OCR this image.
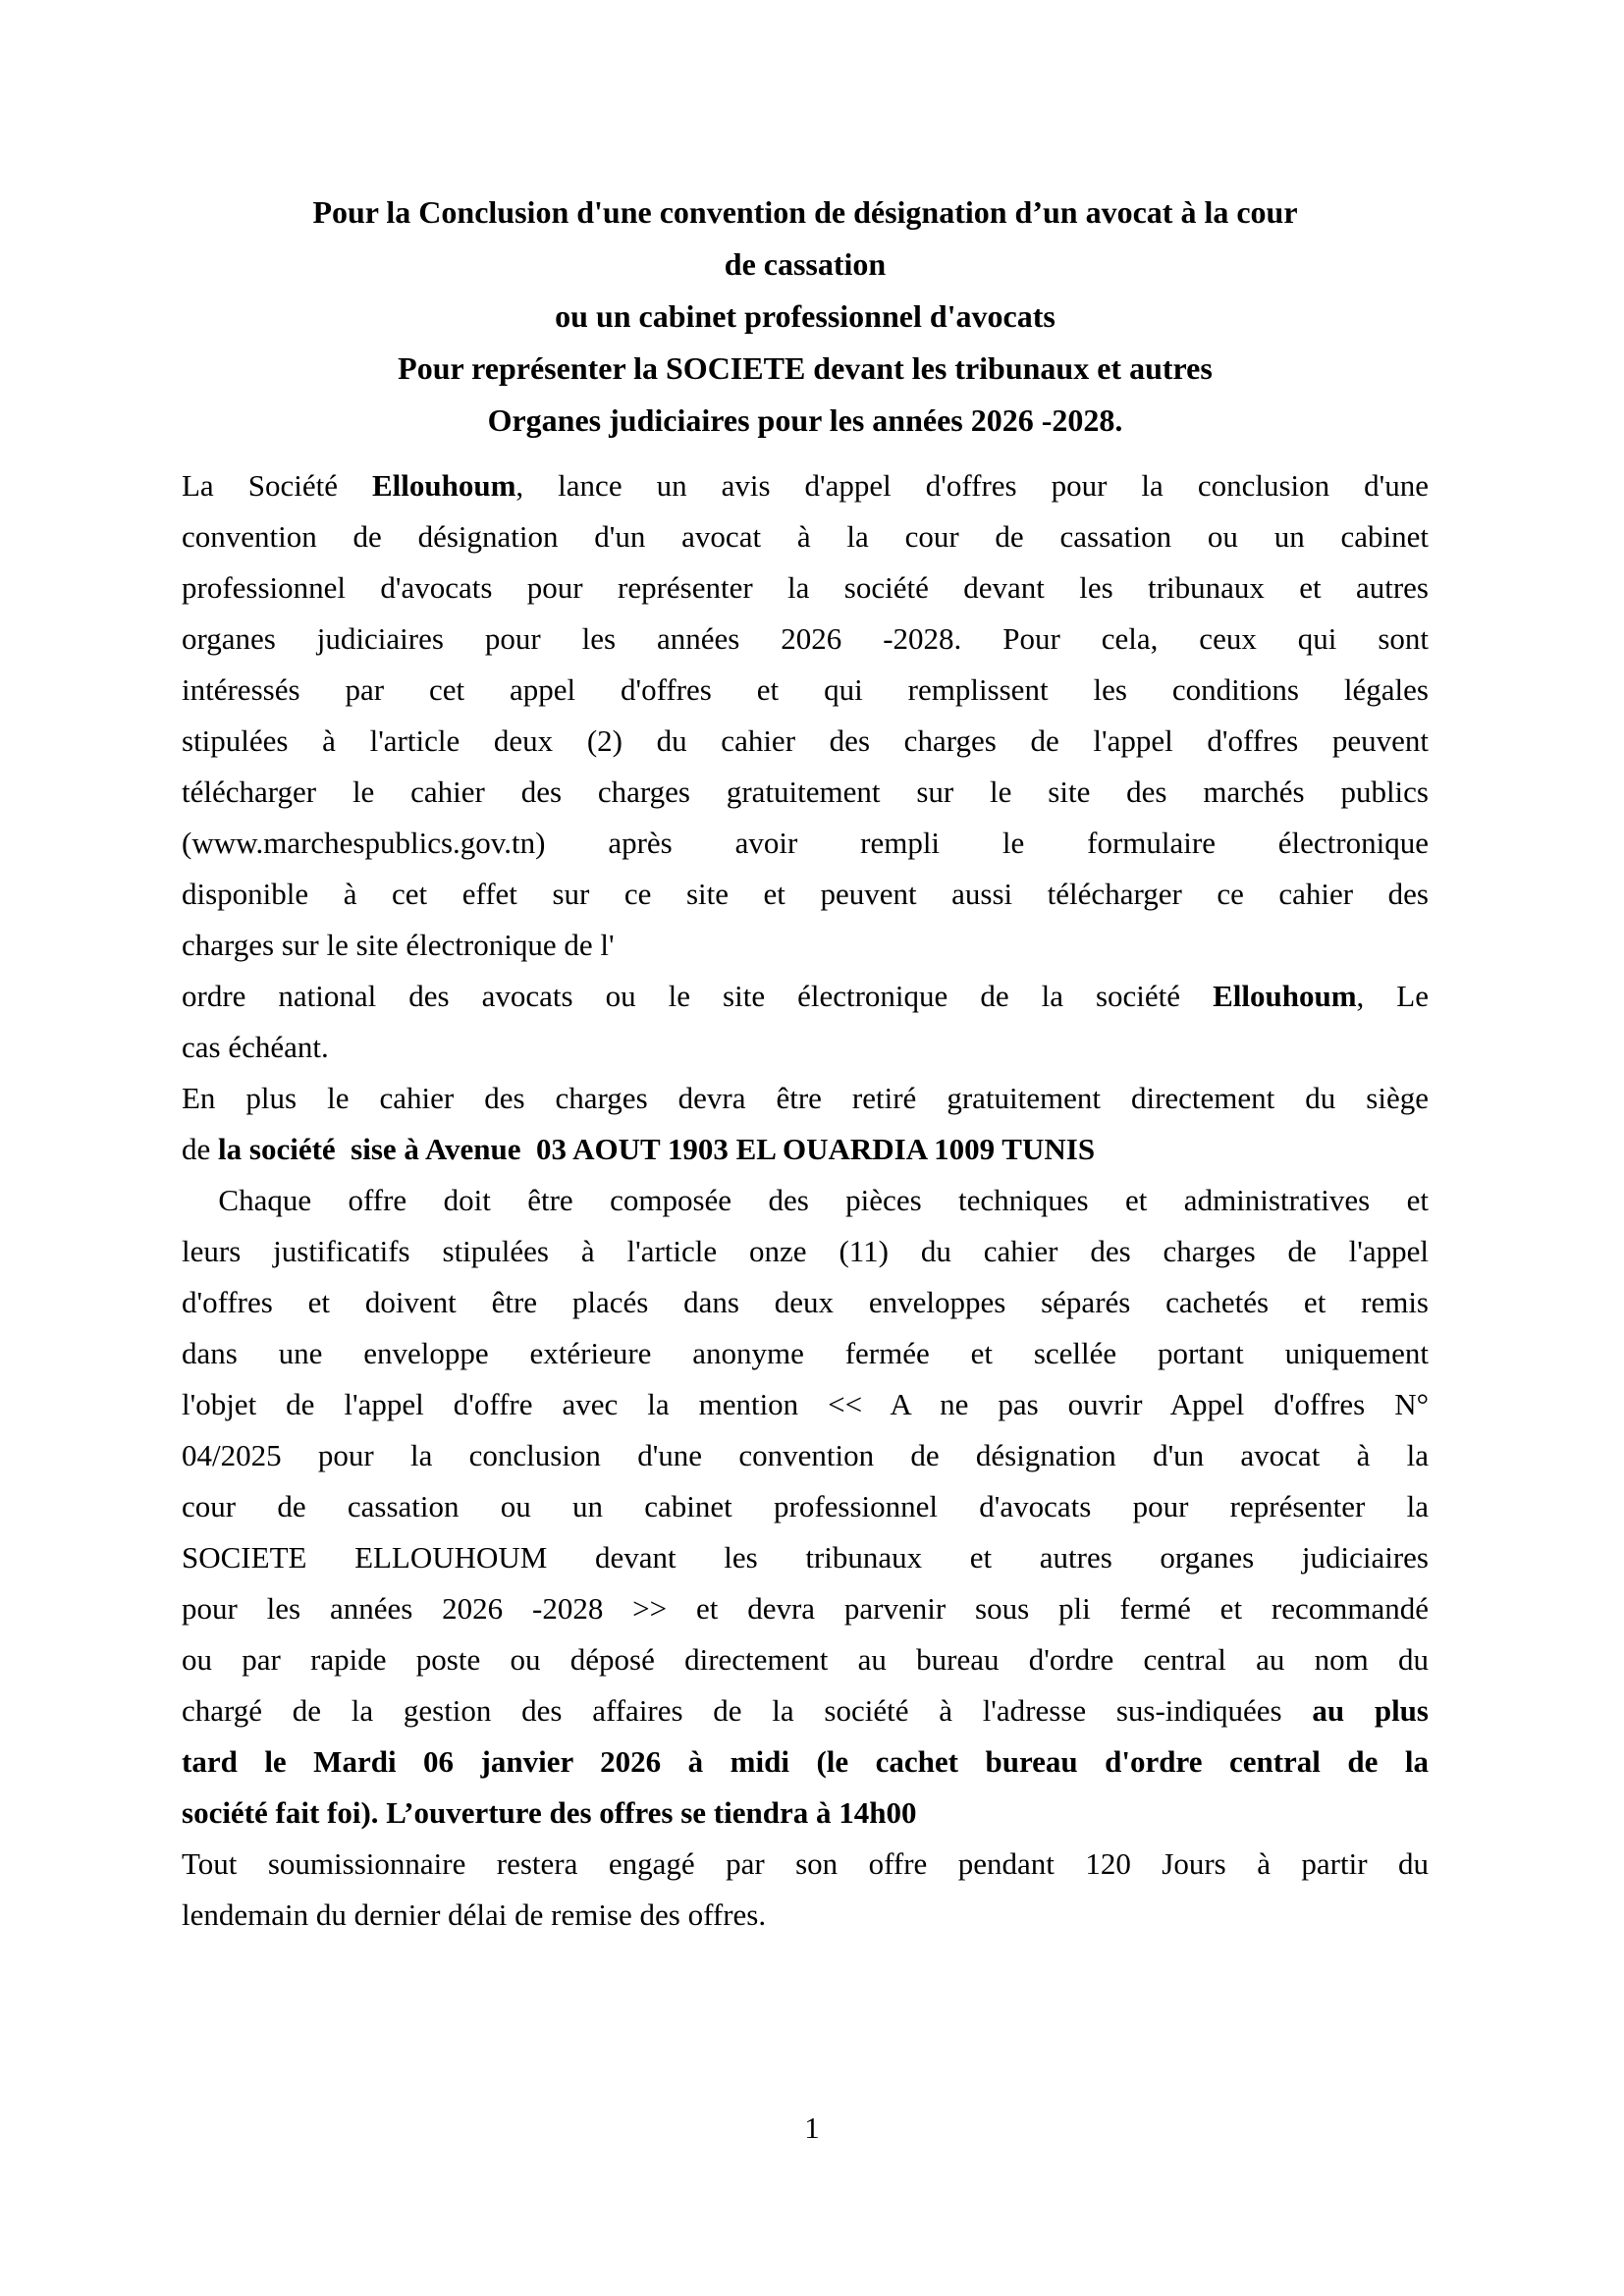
Pour la Conclusion d'une convention de désignation d’un avocat à la cour
de cassation
ou un cabinet professionnel d'avocats
Pour représenter la SOCIETE devant les tribunaux et autres
Organes judiciaires pour les années 2026 -2028.
La Société Ellouhoum, lance un avis d'appel d'offres pour la conclusion d'une
convention de désignation d'un avocat à la cour de cassation ou un cabinet
professionnel d'avocats pour représenter la société devant les tribunaux et autres
organes judiciaires pour les années 2026 -2028. Pour cela, ceux qui sont
intéressés par cet appel d'offres et qui remplissent les conditions légales
stipulées à l'article deux (2) du cahier des charges de l'appel d'offres peuvent
télécharger le cahier des charges gratuitement sur le site des marchés publics
(www.marchespublics.gov.tn) après avoir rempli le formulaire électronique
disponible à cet effet sur ce site et peuvent aussi télécharger ce cahier des
charges sur le site électronique de l'
ordre national des avocats ou le site électronique de la société Ellouhoum, Le
cas échéant.
En plus le cahier des charges devra être retiré gratuitement directement du siège
de la société  sise à Avenue  03 AOUT 1903 EL OUARDIA 1009 TUNIS
Chaque offre doit être composée des pièces techniques et administratives et
leurs justificatifs stipulées à l'article onze (11) du cahier des charges de l'appel
d'offres et doivent être placés dans deux enveloppes séparés cachetés et remis
dans une enveloppe extérieure anonyme fermée et scellée portant uniquement
l'objet de l'appel d'offre avec la mention << A ne pas ouvrir Appel d'offres N°
04/2025 pour la conclusion d'une convention de désignation d'un avocat à la
cour de cassation ou un cabinet professionnel d'avocats pour représenter la
SOCIETE ELLOUHOUM devant les tribunaux et autres organes judiciaires
pour les années 2026 -2028 >> et devra parvenir sous pli fermé et recommandé
ou par rapide poste ou déposé directement au bureau d'ordre central au nom du
chargé de la gestion des affaires de la société à l'adresse sus-indiquées au plus
tard le Mardi 06 janvier 2026 à midi (le cachet bureau d'ordre central de la
société fait foi). L’ouverture des offres se tiendra à 14h00
Tout soumissionnaire restera engagé par son offre pendant 120 Jours à partir du
lendemain du dernier délai de remise des offres.
1
